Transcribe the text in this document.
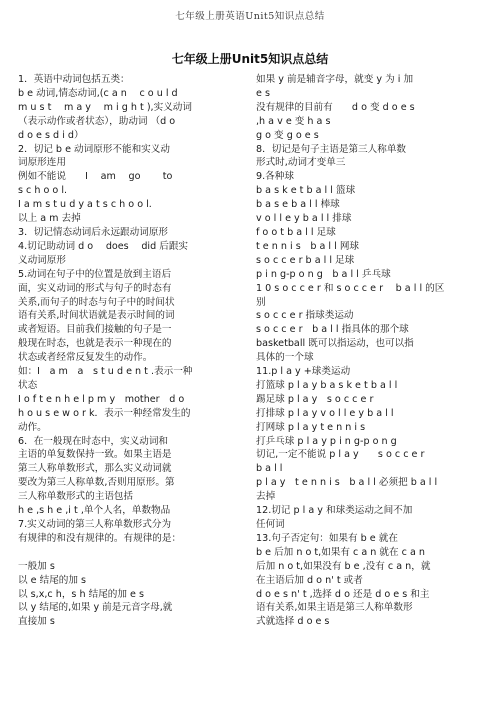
七年级上册英语Unit5知识点总结
七年级上册Unit5知识点总结
1．英语中动词包括五类：
b e 动词,情态动词,(c a n　 c o u l d
m u s t 　m a y 　m i g h t ),实义动词
（表示动作或者状态），助动词 （d o
d o e s d i d）
2．切记 b e 动词原形不能和实义动
词原形连用
例如不能说　　I　 am　 go　　 to
s c h o o l.
I a m s t u d y a t s c h o o l.
以上 a m 去掉
3．切记情态动词后永远跟动词原形
4.切记助动词 d o　 does　 did 后跟实
义动词原形
5.动词在句子中的位置是放到主语后
面，实义动词的形式与句子的时态有
关系,而句子的时态与句子中的时间状
语有关系,时间状语就是表示时间的词
或者短语。目前我们接触的句子是一
般现在时态，也就是表示一种现在的
状态或者经常反复发生的动作。
如：I　a m　a　s t u d e n t .表示一种
状态
I o f t e n h e l p m y　mother　d o
h o u s e w o r k．表示一种经常发生的
动作。
6．在一般现在时态中，实义动词和
主语的单复数保持一致。如果主语是
第三人称单数形式，那么实义动词就
要改为第三人称单数,否则用原形。第
三人称单数形式的主语包括
h e ,s h e ,i t ,单个人名，单数物品
7.实义动词的第三人称单数形式分为
有规律的和没有规律的。有规律的是：
一般加 s
以 e 结尾的加 s
以 s,x,c h，s h 结尾的加 e s
以 y 结尾的,如果 y 前是元音字母,就
直接加 s
如果 y 前是辅音字母，就变 y 为 i 加
e s
没有规律的目前有　　d o 变 d o e s
,h a v e 变 h a s
g o 变 g o e s
8．切记是句子主语是第三人称单数
形式时,动词才变单三
9.各种球
b a s k e t b a l l 篮球
b a s e b a l l 棒球
v o l l e y b a l l 排球
f o o t b a l l 足球
t e n n i s　b a l l 网球
s o c c e r b a l l 足球
p i n g-p o n g　b a l l 乒乓球
1 0 s o c c e r 和 s o c c e r　 b a l l 的区
别
s o c c e r 指球类运动
s o c c e r　b a l l 指具体的那个球
basketball 既可以指运动，也可以指
具体的一个球
11.p l a y +球类运动
打篮球 p l a y b a s k e t b a l l
踢足球 p l a y　s o c c e r
打排球 p l a y v o l l e y b a l l
打网球 p l a y t e n n i s
打乒乓球 p l a y p i n g-p o n g
切记,一定不能说 p l a y　　s o c c e r
b a l l
p l a y　t e n n i s　b a l l 必须把 b a l l
去掉
12.切记 p l a y 和球类运动之间不加
任何词
13.句子否定句：如果有 b e 就在
b e 后加 n o t,如果有 c a n 就在 c a n
后加 n o t,如果没有 b e ,没有 c a n，就
在主语后加 d o n' t 或者
d o e s n' t ,选择 d o 还是 d o e s 和主
语有关系,如果主语是第三人称单数形
式就选择 d o e s
